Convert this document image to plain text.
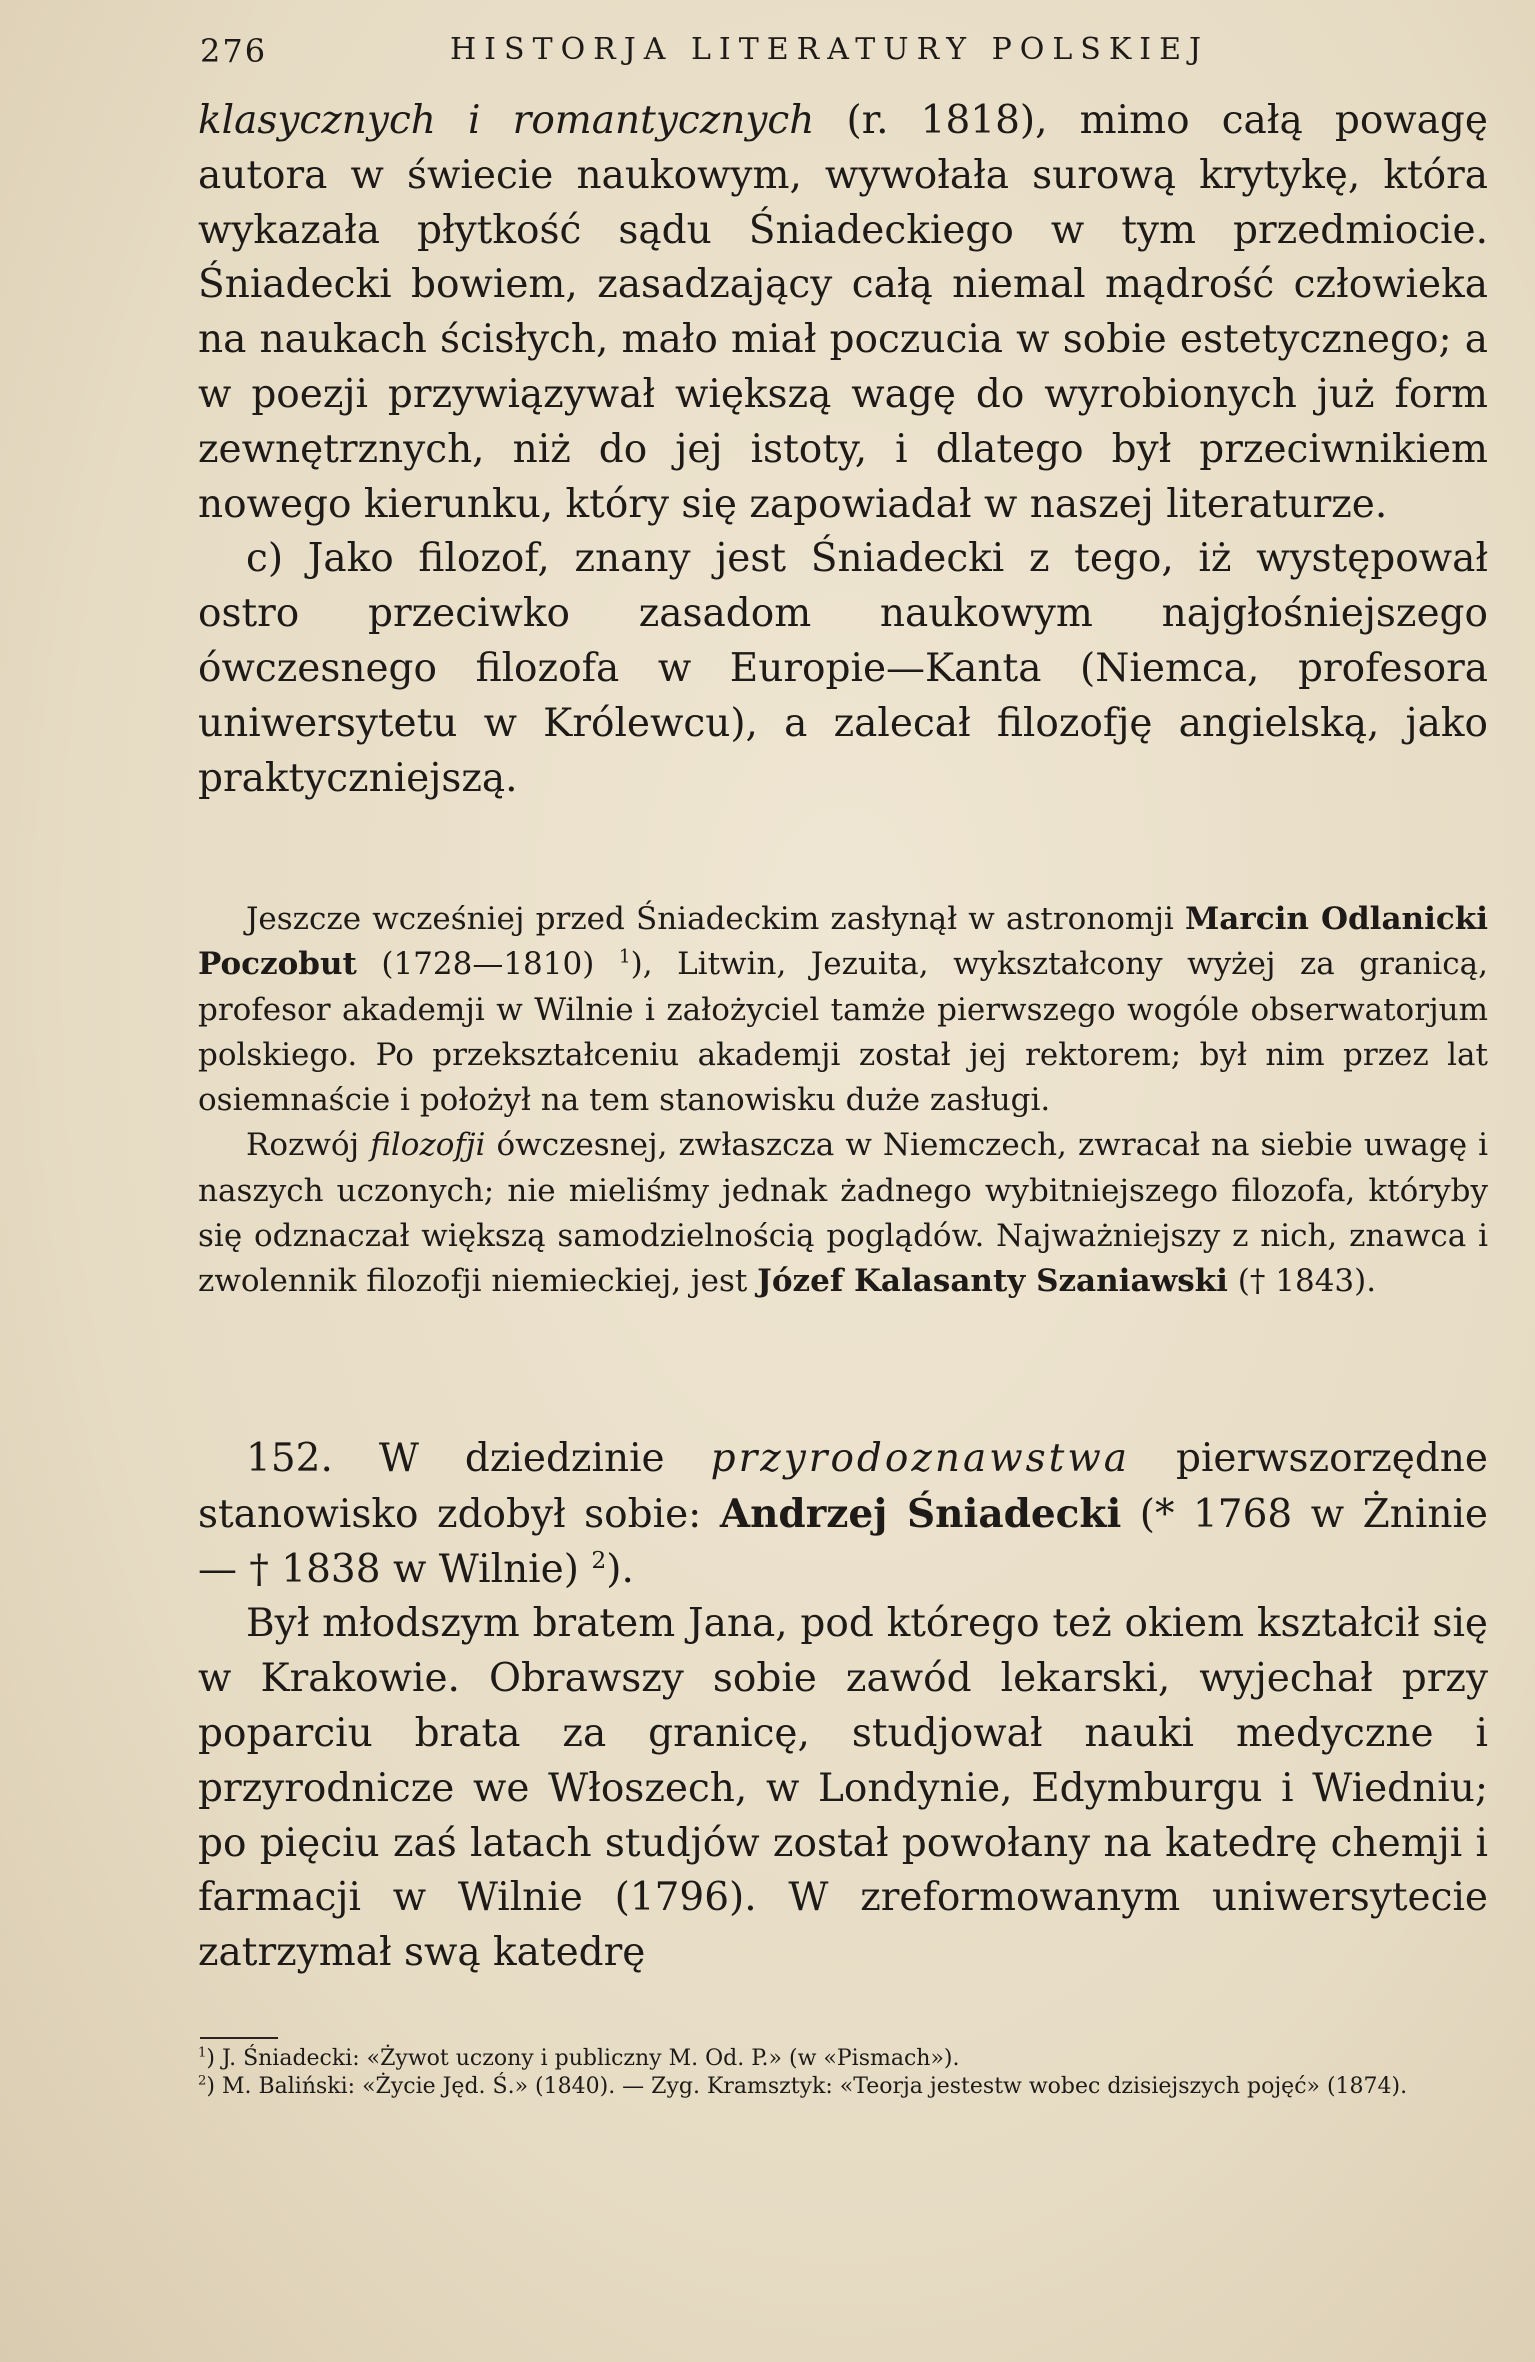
276	HISTORJA LITERATURY POLSKIEJ

klasycznych i romantycznych (r. 1818), mimo całą powagę autora w świecie naukowym, wywołała surową krytykę, która wykazała płytkość sądu Śniadeckiego w tym przedmiocie. Śniadecki bowiem, zasadzający całą niemal mądrość człowieka na naukach ścisłych, mało miał poczucia w sobie estetycznego; a w poezji przywiązywał większą wagę do wyrobionych już form zewnętrznych, niż do jej istoty, i dlatego był przeciwnikiem nowego kierunku, który się zapowiadał w naszej literaturze.

c) Jako filozof, znany jest Śniadecki z tego, iż występował ostro przeciwko zasadom naukowym najgłośniejszego ówczesnego filozofa w Europie—Kanta (Niemca, profesora uniwersytetu w Królewcu), a zalecał filozofję angielską, jako praktyczniejszą.

Jeszcze wcześniej przed Śniadeckim zasłynął w astronomji Marcin Odlanicki Poczobut (1728—1810) $^1$), Litwin, Jezuita, wykształcony wyżej za granicą, profesor akademji w Wilnie i założyciel tamże pierwszego wogóle obserwatorjum polskiego. Po przekształceniu akademji został jej rektorem; był nim przez lat osiemnaście i położył na tem stanowisku duże zasługi.

Rozwój filozofji ówczesnej, zwłaszcza w Niemczech, zwracał na siebie uwagę i naszych uczonych; nie mieliśmy jednak żadnego wybitniejszego filozofa, któryby się odznaczał większą samodzielnością poglądów. Najważniejszy z nich, znawca i zwolennik filozofji niemieckiej, jest Józef Kalasanty Szaniawski († 1843).

152. W dziedzinie przyrodoznawstwa pierwszorzędne stanowisko zdobył sobie: Andrzej Śniadecki (* 1768 w Żninie — † 1838 w Wilnie) $^2$).

Był młodszym bratem Jana, pod którego też okiem kształcił się w Krakowie. Obrawszy sobie zawód lekarski, wyjechał przy poparciu brata za granicę, studjował nauki medyczne i przyrodnicze we Włoszech, w Londynie, Edymburgu i Wiedniu; po pięciu zaś latach studjów został powołany na katedrę chemji i farmacji w Wilnie (1796). W zreformowanym uniwersytecie zatrzymał swą katedrę

$^1$) J. Śniadecki: «Żywot uczony i publiczny M. Od. P.» (w «Pismach»).

$^2$) M. Baliński: «Życie Jęd. Ś.» (1840). — Zyg. Kramsztyk: «Teorja jestestw wobec dzisiejszych pojęć» (1874).
